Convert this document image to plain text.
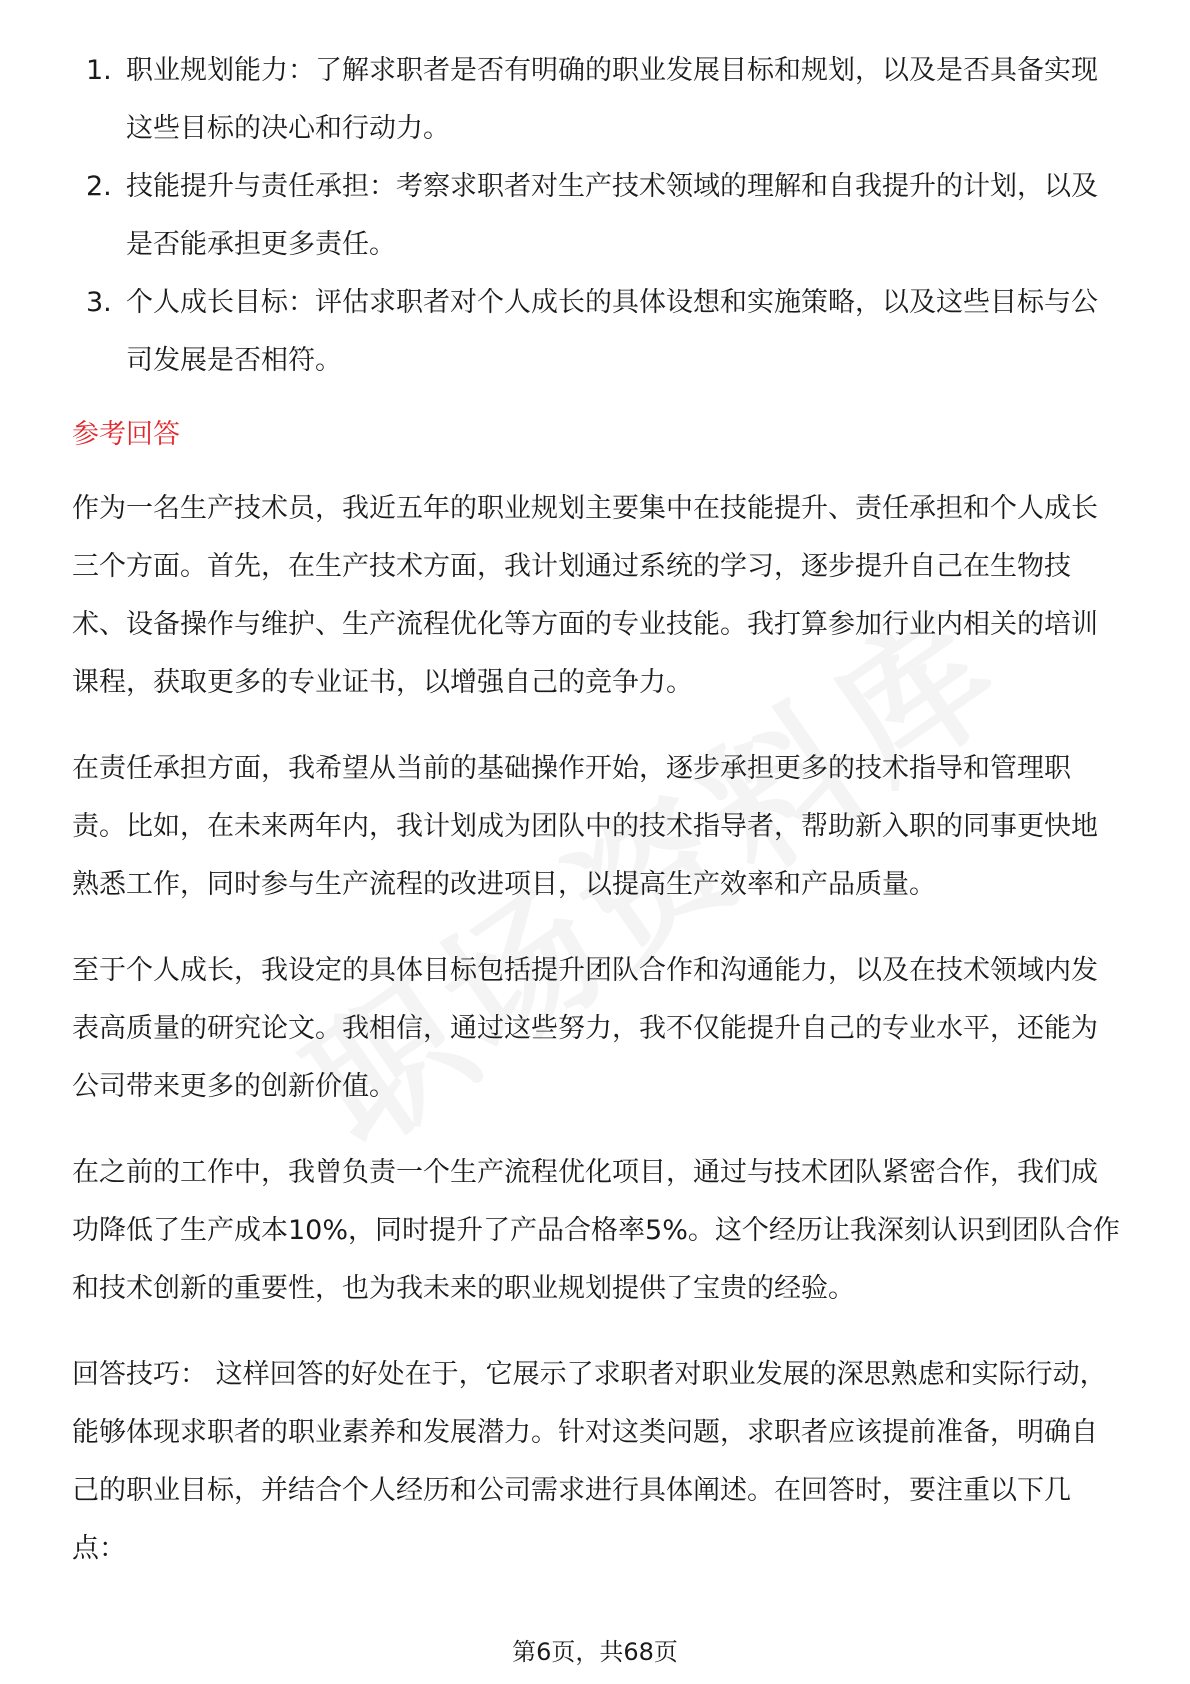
1. 职业规划能力：了解求职者是否有明确的职业发展目标和规划，以及是否具备实现这些目标的决心和行动力。
2. 技能提升与责任承担：考察求职者对生产技术领域的理解和自我提升的计划，以及是否能承担更多责任。
3. 个人成长目标：评估求职者对个人成长的具体设想和实施策略，以及这些目标与公司发展是否相符。
参考回答

作为一名生产技术员，我近五年的职业规划主要集中在技能提升、责任承担和个人成长三个方面。首先，在生产技术方面，我计划通过系统的学习，逐步提升自己在生物技术、设备操作与维护、生产流程优化等方面的专业技能。我打算参加行业内相关的培训课程，获取更多的专业证书，以增强自己的竞争力。

在责任承担方面，我希望从当前的基础操作开始，逐步承担更多的技术指导和管理职责。比如，在未来两年内，我计划成为团队中的技术指导者，帮助新入职的同事更快地熟悉工作，同时参与生产流程的改进项目，以提高生产效率和产品质量。

至于个人成长，我设定的具体目标包括提升团队合作和沟通能力，以及在技术领域内发表高质量的研究论文。我相信，通过这些努力，我不仅能提升自己的专业水平，还能为公司带来更多的创新价值。

在之前的工作中，我曾负责一个生产流程优化项目，通过与技术团队紧密合作，我们成功降低了生产成本10%，同时提升了产品合格率5%。这个经历让我深刻认识到团队合作和技术创新的重要性，也为我未来的职业规划提供了宝贵的经验。

回答技巧： 这样回答的好处在于，它展示了求职者对职业发展的深思熟虑和实际行动，能够体现求职者的职业素养和发展潜力。针对这类问题，求职者应该提前准备，明确自己的职业目标，并结合个人经历和公司需求进行具体阐述。在回答时，要注重以下几点：

第6页，共68页
